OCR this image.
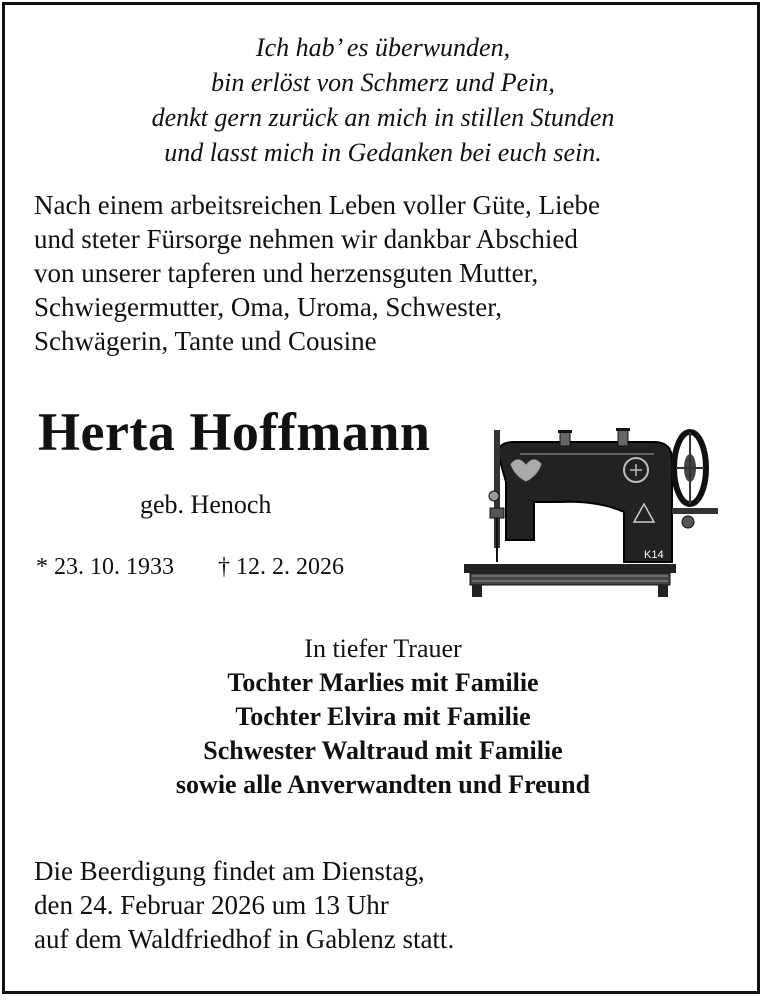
Ich hab’ es überwunden,
bin erlöst von Schmerz und Pein,
denkt gern zurück an mich in stillen Stunden
und lasst mich in Gedanken bei euch sein.
Nach einem arbeitsreichen Leben voller Güte, Liebe
und steter Fürsorge nehmen wir dankbar Abschied
von unserer tapferen und herzensguten Mutter,
Schwiegermutter, Oma, Uroma, Schwester,
Schwägerin, Tante und Cousine
Herta Hoffmann
geb. Henoch
* 23. 10. 1933 † 12. 2. 2026	K14
In tiefer Trauer
Tochter Marlies mit Familie
Tochter Elvira mit Familie
Schwester Waltraud mit Familie
sowie alle Anverwandten und Freund
Die Beerdigung findet am Dienstag,
den 24. Februar 2026 um 13 Uhr
auf dem Waldfriedhof in Gablenz statt.
